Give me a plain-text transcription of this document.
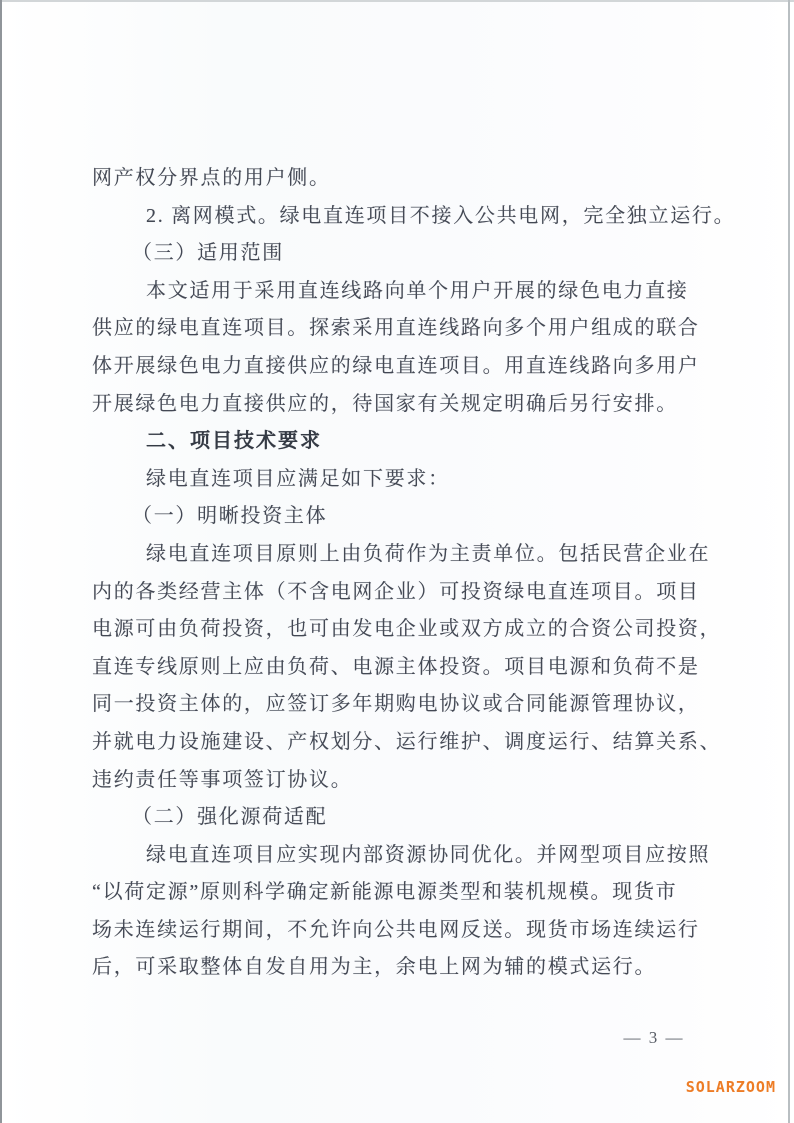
网产权分界点的用户侧。
2. 离网模式。绿电直连项目不接入公共电网，完全独立运行。
（三）适用范围
本文适用于采用直连线路向单个用户开展的绿色电力直接
供应的绿电直连项目。探索采用直连线路向多个用户组成的联合
体开展绿色电力直接供应的绿电直连项目。用直连线路向多用户
开展绿色电力直接供应的，待国家有关规定明确后另行安排。
二、项目技术要求
绿电直连项目应满足如下要求：
（一）明晰投资主体
绿电直连项目原则上由负荷作为主责单位。包括民营企业在
内的各类经营主体（不含电网企业）可投资绿电直连项目。项目
电源可由负荷投资，也可由发电企业或双方成立的合资公司投资，
直连专线原则上应由负荷、电源主体投资。项目电源和负荷不是
同一投资主体的，应签订多年期购电协议或合同能源管理协议，
并就电力设施建设、产权划分、运行维护、调度运行、结算关系、
违约责任等事项签订协议。
（二）强化源荷适配
绿电直连项目应实现内部资源协同优化。并网型项目应按照
“以荷定源”原则科学确定新能源电源类型和装机规模。现货市
场未连续运行期间，不允许向公共电网反送。现货市场连续运行
后，可采取整体自发自用为主，余电上网为辅的模式运行。
— 3 —
SOLARZOOM
